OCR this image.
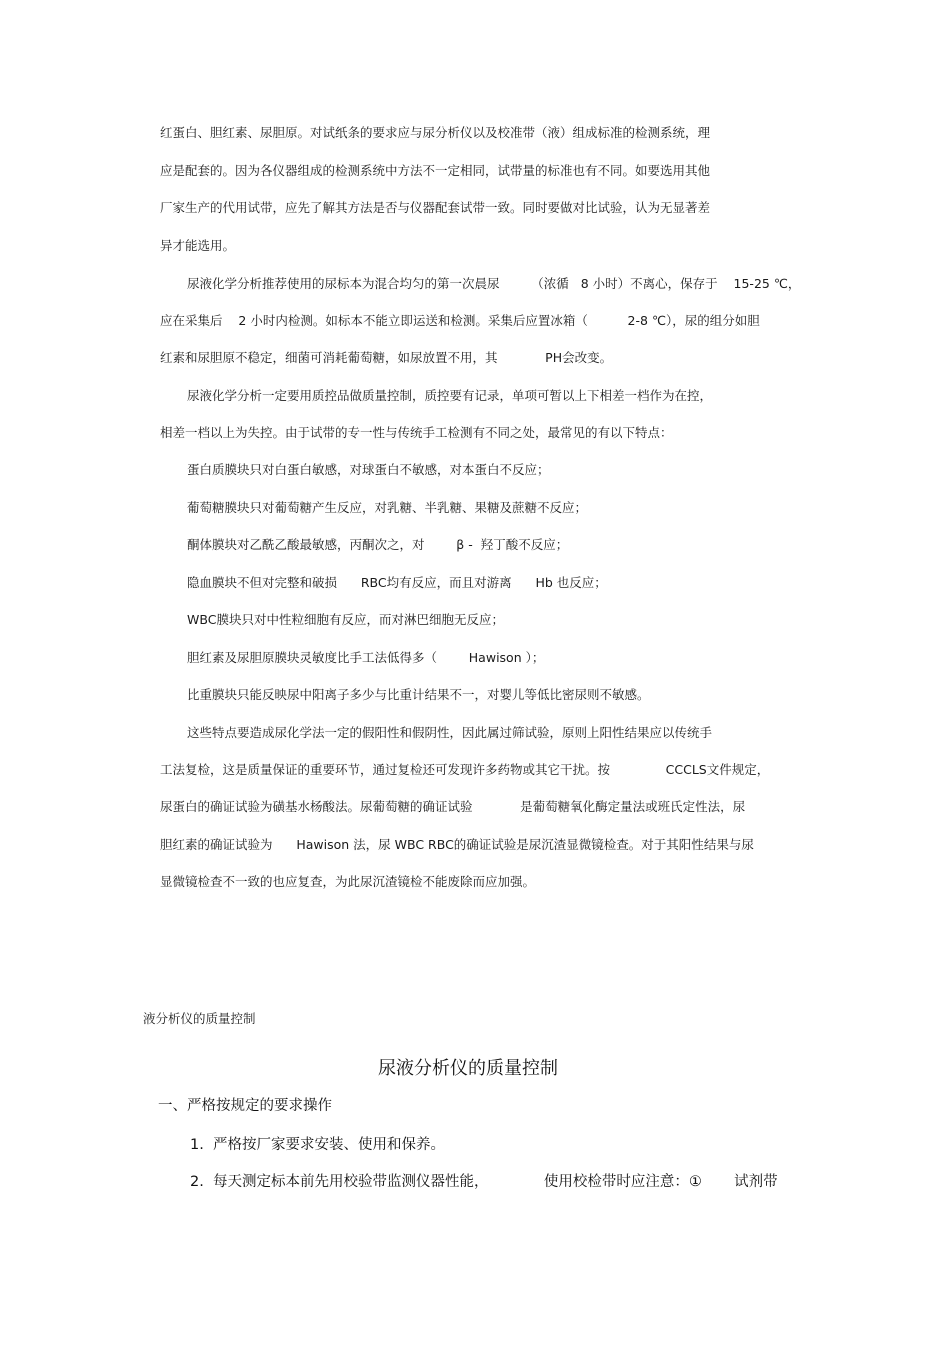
红蛋白、胆红素、尿胆原。对试纸条的要求应与尿分析仪以及校准带（液）组成标准的检测系统，理
应是配套的。因为各仪器组成的检测系统中方法不一定相同，试带量的标准也有不同。如要选用其他
厂家生产的代用试带，应先了解其方法是否与仪器配套试带一致。同时要做对比试验，认为无显著差
异才能选用。
尿液化学分析推荐使用的尿标本为混合均匀的第一次晨尿        （浓循   8 小时）不离心，保存于    15-25 ℃，
应在采集后    2 小时内检测。如标本不能立即运送和检测。采集后应置冰箱（          2-8 ℃），尿的组分如胆
红素和尿胆原不稳定，细菌可消耗葡萄糖，如尿放置不用，其            PH会改变。
尿液化学分析一定要用质控品做质量控制，质控要有记录，单项可暂以上下相差一档作为在控，
相差一档以上为失控。由于试带的专一性与传统手工检测有不同之处，最常见的有以下特点：
蛋白质膜块只对白蛋白敏感，对球蛋白不敏感，对本蛋白不反应；
葡萄糖膜块只对葡萄糖产生反应，对乳糖、半乳糖、果糖及蔗糖不反应；
酮体膜块对乙酰乙酸最敏感，丙酮次之，对        β -  羟丁酸不反应；
隐血膜块不但对完整和破损      RBC均有反应，而且对游离      Hb 也反应；
WBC膜块只对中性粒细胞有反应，而对淋巴细胞无反应；
胆红素及尿胆原膜块灵敏度比手工法低得多（        Hawison ）；
比重膜块只能反映尿中阳离子多少与比重计结果不一，对婴儿等低比密尿则不敏感。
这些特点要造成尿化学法一定的假阳性和假阴性，因此属过筛试验，原则上阳性结果应以传统手
工法复检，这是质量保证的重要环节，通过复检还可发现许多药物或其它干扰。按              CCCLS文件规定，
尿蛋白的确证试验为磺基水杨酸法。尿葡萄糖的确证试验            是葡萄糖氧化酶定量法或班氏定性法，尿
胆红素的确证试验为      Hawison 法，尿 WBC RBC的确证试验是尿沉渣显微镜检查。对于其阳性结果与尿
显微镜检查不一致的也应复查，为此尿沉渣镜检不能废除而应加强。
液分析仪的质量控制
尿液分析仪的质量控制
一、严格按规定的要求操作
1.  严格按厂家要求安装、使用和保养。
2.  每天测定标本前先用校验带监测仪器性能，            使用校检带时应注意：①       试剂带
